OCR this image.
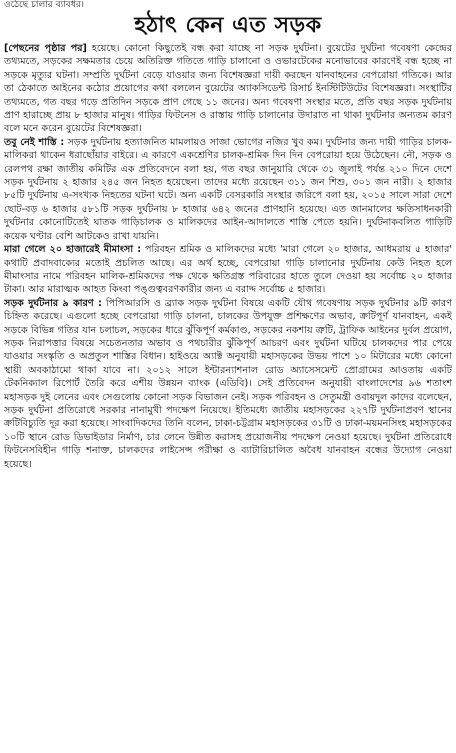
ওঠেছে চালার ব্যাবধর।
হঠাৎ কেন এত সড়ক

[পেছনের পৃষ্ঠার পর] হয়েছে। কোনো কিছুতেই বন্ধ করা যাচ্ছে না সড়ক দুর্ঘটনা। বুয়েটের দুর্ঘটনা গবেষণা কেন্দ্রের তথ্যমতে, সড়কের সক্ষমতার চেয়ে অতিরিক্ত গতিতে গাড়ি চালানো ও ওভারটেকের মনোভাবের কারণেই বন্ধ হচ্ছে না সড়কে মৃত্যুর ঘটনা। সম্প্রতি দুর্ঘটনা বেড়ে যাওয়ার জন্য বিশেষজ্ঞরা দায়ী করছেন যানবাহনের বেপরোয়া গতিকে। আর তা ঠেকাতে আইনের কঠোর প্রয়োগের কথা বললেন বুয়েটের অ্যাকসিডেন্ট রিসার্চ ইনস্টিটিউটের বিশেষজ্ঞরা। সংস্থাটির তথ্যমতে, গত বছর গড়ে প্রতিদিন সড়কে প্রাণ গেছে ১১ জনের। অন্য গবেষণা সংস্থার মতে, প্রতি বছর সড়ক দুর্ঘটনায় প্রাণ হারাচ্ছে প্রায় ৮ হাজার মানুষ। গাড়ির ফিটনেস ও রাস্তায় গাড়ি চালানোর উদারাত না থাকা দুর্ঘটনার অন্যতম কারণ বলে মনে করেন বুয়েটের বিশেষজ্ঞরা।

তবু নেই শাস্তি : সড়ক দুর্ঘটনায় হত্যাজনিত মামলায়ও সাজা ভোগের নজির খুব কম। দুর্ঘটনার জন্য দায়ী গাড়ির চালক-মালিকরা থাকেন ধরাছোঁয়ার বাইরে। এ কারণে একশ্রেণির চালক-শ্রমিক দিন দিন বেপরোয়া হয়ে উঠেছেন। নৌ, সড়ক ও রেলপথ রক্ষা জাতীয় কমিটির এক প্রতিবেদনে বলা হয়, গত বছর জানুয়ারি থেকে ৩১ জুলাই পর্যন্ত ২১০ দিনে দেশে সড়ক দুর্ঘটনায় ২ হাজার ২৪৫ জন নিহত হয়েছেন। তাদের মধ্যে রয়েছেন ৩১১ জন শিশু, ৩০১ জন নারী। ২ হাজার ৮৫টি দুর্ঘটনায় এ-সংখ্যক নিহতের ঘটনা ঘটে। অন্য একটি বেসরকারি সংস্থার জরিপে বলা হয়, ২০১৫ সালে সারা দেশে ছোট-বড় ৬ হাজার ৫৮১টি সড়ক দুর্ঘটনায় ৮ হাজার ৬৪২ জনের প্রাণহানি হয়েছে। এত জানমালের ক্ষতিসাধনকারী দুর্ঘটনার কোনোটিতেই ঘাতক গাড়িচালক ও মালিকদের আইন-আদালতে শাস্তি পেতে হয়নি। দুর্ঘটনাকবলিত গাড়িটি কয়েক ঘণ্টার বেশি আটকেও রাখা যায়নি।

মারা গেলে ২০ হাজারেই মীমাংসা : পরিবহন শ্রমিক ও মালিকদের মধ্যে 'মারা গেলে ২০ হাজার, আধমরায় ৫ হাজার' কথাটি প্রবাদবাক্যের মতোই প্রচলিত আছে। এর অর্থ হচ্ছে, বেপরোয়া গাড়ি চালানোর দুর্ঘটনায় কেউ নিহত হলে মীমাংসার নামে পরিবহন মালিক-শ্রমিকদের পক্ষ থেকে ক্ষতিগ্রস্ত পরিবারের হাতে তুলে দেওয়া হয় সর্বোচ্চ ২০ হাজার টাকা। আর মারাত্মক আহত কিংবা পঙ্গুত্ববরণকারীর জন্য এ বরাদ্দ সর্বোচ্চ ৫ হাজার।

সড়ক দুর্ঘটনার ৯ কারণ : পিপিআরসি ও ব্র্যাক সড়ক দুর্ঘটনা বিষয়ে একটি যৌথ গবেষণায় সড়ক দুর্ঘটনার ৯টি কারণ চিহ্নিত করেছে। এগুলো হচ্ছে বেপরোয়া গাড়ি চালনা, চালকের উপযুক্ত প্রশিক্ষণের অভাব, ক্রটিপূর্ণ যানবাহন, একই সড়কে বিভিন্ন গতির যান চলাচল, সড়কের ধারে ঝুঁকিপূর্ণ কর্মকাণ্ড, সড়কের নকশায় ত্রুটি, ট্রাফিক আইনের দুর্বল প্রয়োগ, সড়ক নিরাপত্তার বিষয়ে সচেতনতার অভাব ও পথচারীর ঝুঁকিপূর্ণ আচরণ এবং দুর্ঘটনা ঘটিয়ে চালকদের পার পেয়ে যাওয়ার সংস্কৃতি ও অপ্রতুল শাস্তির বিধান। হাইওয়ে অ্যাক্ট অনুযায়ী মহাসড়কের উভয় পাশে ১০ মিটারের মধ্যে কোনো স্থায়ী অবকাঠামো থাকা যাবে না। ২০১২ সালে ইন্টারন্যাশনাল রোড অ্যাসেসমেন্ট প্রোগ্রামের আওতায় একটি টেকনিক্যাল রিপোর্ট তৈরি করে এশীয় উন্নয়ন ব্যাংক (এডিবি)। সেই প্রতিবেদন অনুযায়ী বাংলাদেশের ৯৬ শতাংশ মহাসড়ক দুই লেনের এবং সেগুলোয় কোনো সড়ক বিভাজন নেই। সড়ক পরিবহন ও সেতুমন্ত্রী ওবায়দুল কাদের বলেছেন, সড়ক দুর্ঘটনা প্রতিরোধে সরকার নানামুখী পদক্ষেপ নিয়েছে। ইতিমধ্যে জাতীয় মহাসড়কের ২২৭টি দুর্ঘটনাপ্রবণ স্থানের ক্রটিবিচ্যুতি দূর করা হয়েছে। সাংবাদিকদের তিনি বলেন, ঢাকা-চট্টগ্রাম মহাসড়কের ৩১টি ও ঢাকা-ময়মনসিংহ মহাসড়কের ১০টি স্থানে রোড ডিভাইডার নির্মাণ, চার লেনে উন্নীত করাসহ প্রয়োজনীয় পদক্ষেপ নেওয়া হয়েছে। দুর্ঘটনা প্রতিরোধে ফিটনেসবিহীন গাড়ি শনাক্ত, চালকদের লাইসেন্স পরীক্ষা ও ব্যাটারিচালিত অবৈধ যানবাহন বন্ধের উদ্যোগ নেওয়া হয়েছে।
